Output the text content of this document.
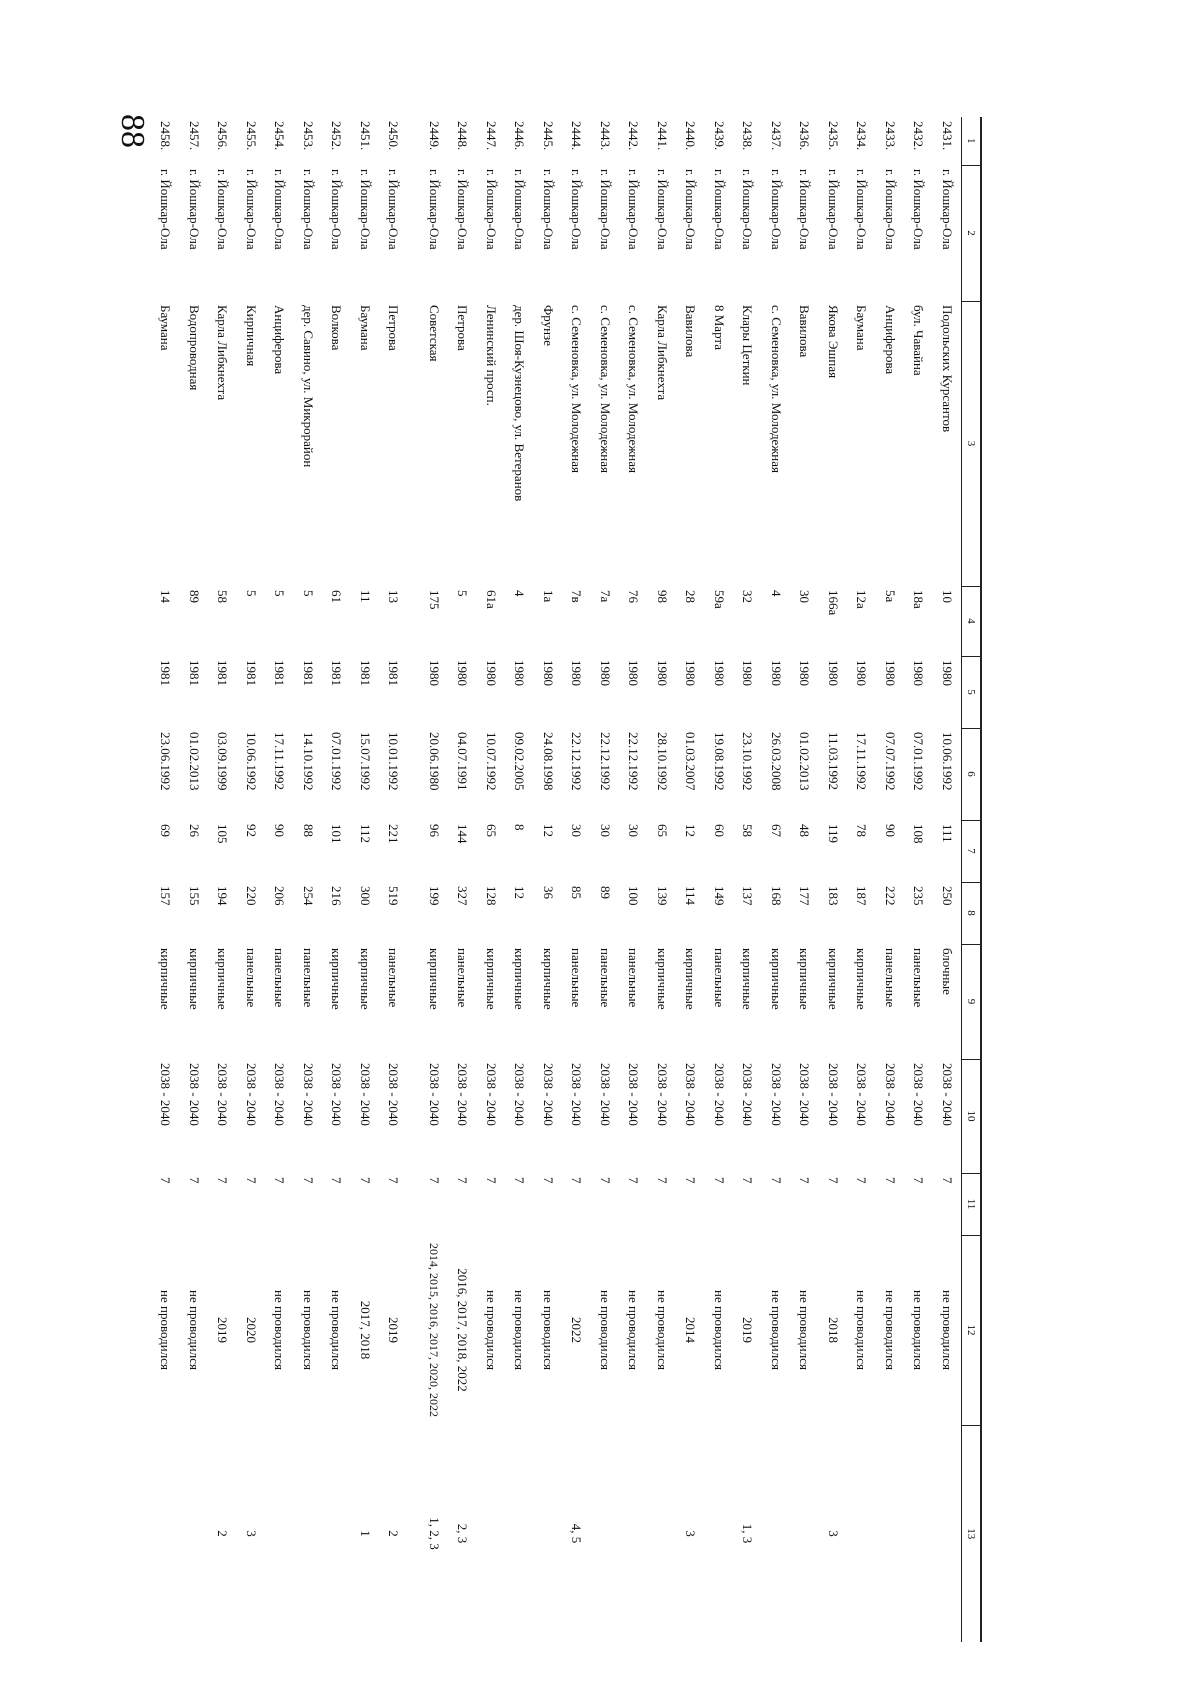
88	1	2	3	4	5	6	7	8	9	10	11	12	13
2431.	г. Йошкар-Ола	Подольских Курсантов	10	1980	10.06.1992	111	250	блочные	2038 - 2040	7	не проводился	
2432.	г. Йошкар-Ола	бул. Чавайна	18а	1980	07.01.1992	108	235	панельные	2038 - 2040	7	не проводился	
2433.	г. Йошкар-Ола	Анциферова	5а	1980	07.07.1992	90	222	панельные	2038 - 2040	7	не проводился	
2434.	г. Йошкар-Ола	Баумана	12а	1980	17.11.1992	78	187	кирпичные	2038 - 2040	7	не проводился	
2435.	г. Йошкар-Ола	Якова Эшпая	166а	1980	11.03.1992	119	183	кирпичные	2038 - 2040	7	2018	3
2436.	г. Йошкар-Ола	Вавилова	30	1980	01.02.2013	48	177	кирпичные	2038 - 2040	7	не проводился	
2437.	г. Йошкар-Ола	с. Семеновка, ул. Молодежная	4	1980	26.03.2008	67	168	кирпичные	2038 - 2040	7	не проводился	
2438.	г. Йошкар-Ола	Клары Цеткин	32	1980	23.10.1992	58	137	кирпичные	2038 - 2040	7	2019	1, 3
2439.	г. Йошкар-Ола	8 Марта	59а	1980	19.08.1992	60	149	панельные	2038 - 2040	7	не проводился	
2440.	г. Йошкар-Ола	Вавилова	28	1980	01.03.2007	12	114	кирпичные	2038 - 2040	7	2014	3
2441.	г. Йошкар-Ола	Карла Либкнехта	98	1980	28.10.1992	65	139	кирпичные	2038 - 2040	7	не проводился	
2442.	г. Йошкар-Ола	с. Семеновка, ул. Молодежная	76	1980	22.12.1992	30	100	панельные	2038 - 2040	7	не проводился	
2443.	г. Йошкар-Ола	с. Семеновка, ул. Молодежная	7а	1980	22.12.1992	30	89	панельные	2038 - 2040	7	не проводился	
2444.	г. Йошкар-Ола	с. Семеновка, ул. Молодежная	7в	1980	22.12.1992	30	85	панельные	2038 - 2040	7	2022	4, 5
2445.	г. Йошкар-Ола	Фрунзе	1а	1980	24.08.1998	12	36	кирпичные	2038 - 2040	7	не проводился	
2446.	г. Йошкар-Ола	дер. Шоя-Кузнецово, ул. Ветеранов	4	1980	09.02.2005	8	12	кирпичные	2038 - 2040	7	не проводился	
2447.	г. Йошкар-Ола	Ленинский просп.	61а	1980	10.07.1992	65	128	кирпичные	2038 - 2040	7	не проводился	
2448.	г. Йошкар-Ола	Петрова	5	1980	04.07.1991	144	327	панельные	2038 - 2040	7	2016, 2017, 2018, 2022	2, 3
2449.	г. Йошкар-Ола	Советская	175	1980	20.06.1980	96	199	кирпичные	2038 - 2040	7	2014, 2015, 2016, 2017, 2020, 2022	1, 2, 3

2450.	г. Йошкар-Ола	Петрова	13	1981	10.01.1992	221	519	панельные	2038 - 2040	7	2019	2
2451.	г. Йошкар-Ола	Баумана	11	1981	15.07.1992	112	300	кирпичные	2038 - 2040	7	2017, 2018	1
2452.	г. Йошкар-Ола	Волкова	61	1981	07.01.1992	101	216	кирпичные	2038 - 2040	7	не проводился	
2453.	г. Йошкар-Ола	дер. Савино, ул. Микрорайон	5	1981	14.10.1992	88	254	панельные	2038 - 2040	7	не проводился	
2454.	г. Йошкар-Ола	Анциферова	5	1981	17.11.1992	90	206	панельные	2038 - 2040	7	не проводился	
2455.	г. Йошкар-Ола	Кирпичная	5	1981	10.06.1992	92	220	панельные	2038 - 2040	7	2020	3
2456.	г. Йошкар-Ола	Карла Либкнехта	58	1981	03.09.1999	105	194	кирпичные	2038 - 2040	7	2019	2
2457.	г. Йошкар-Ола	Водопроводная	89	1981	01.02.2013	26	155	кирпичные	2038 - 2040	7	не проводился	
2458.	г. Йошкар-Ола	Баумана	14	1981	23.06.1992	69	157	кирпичные	2038 - 2040	7	не проводился	
